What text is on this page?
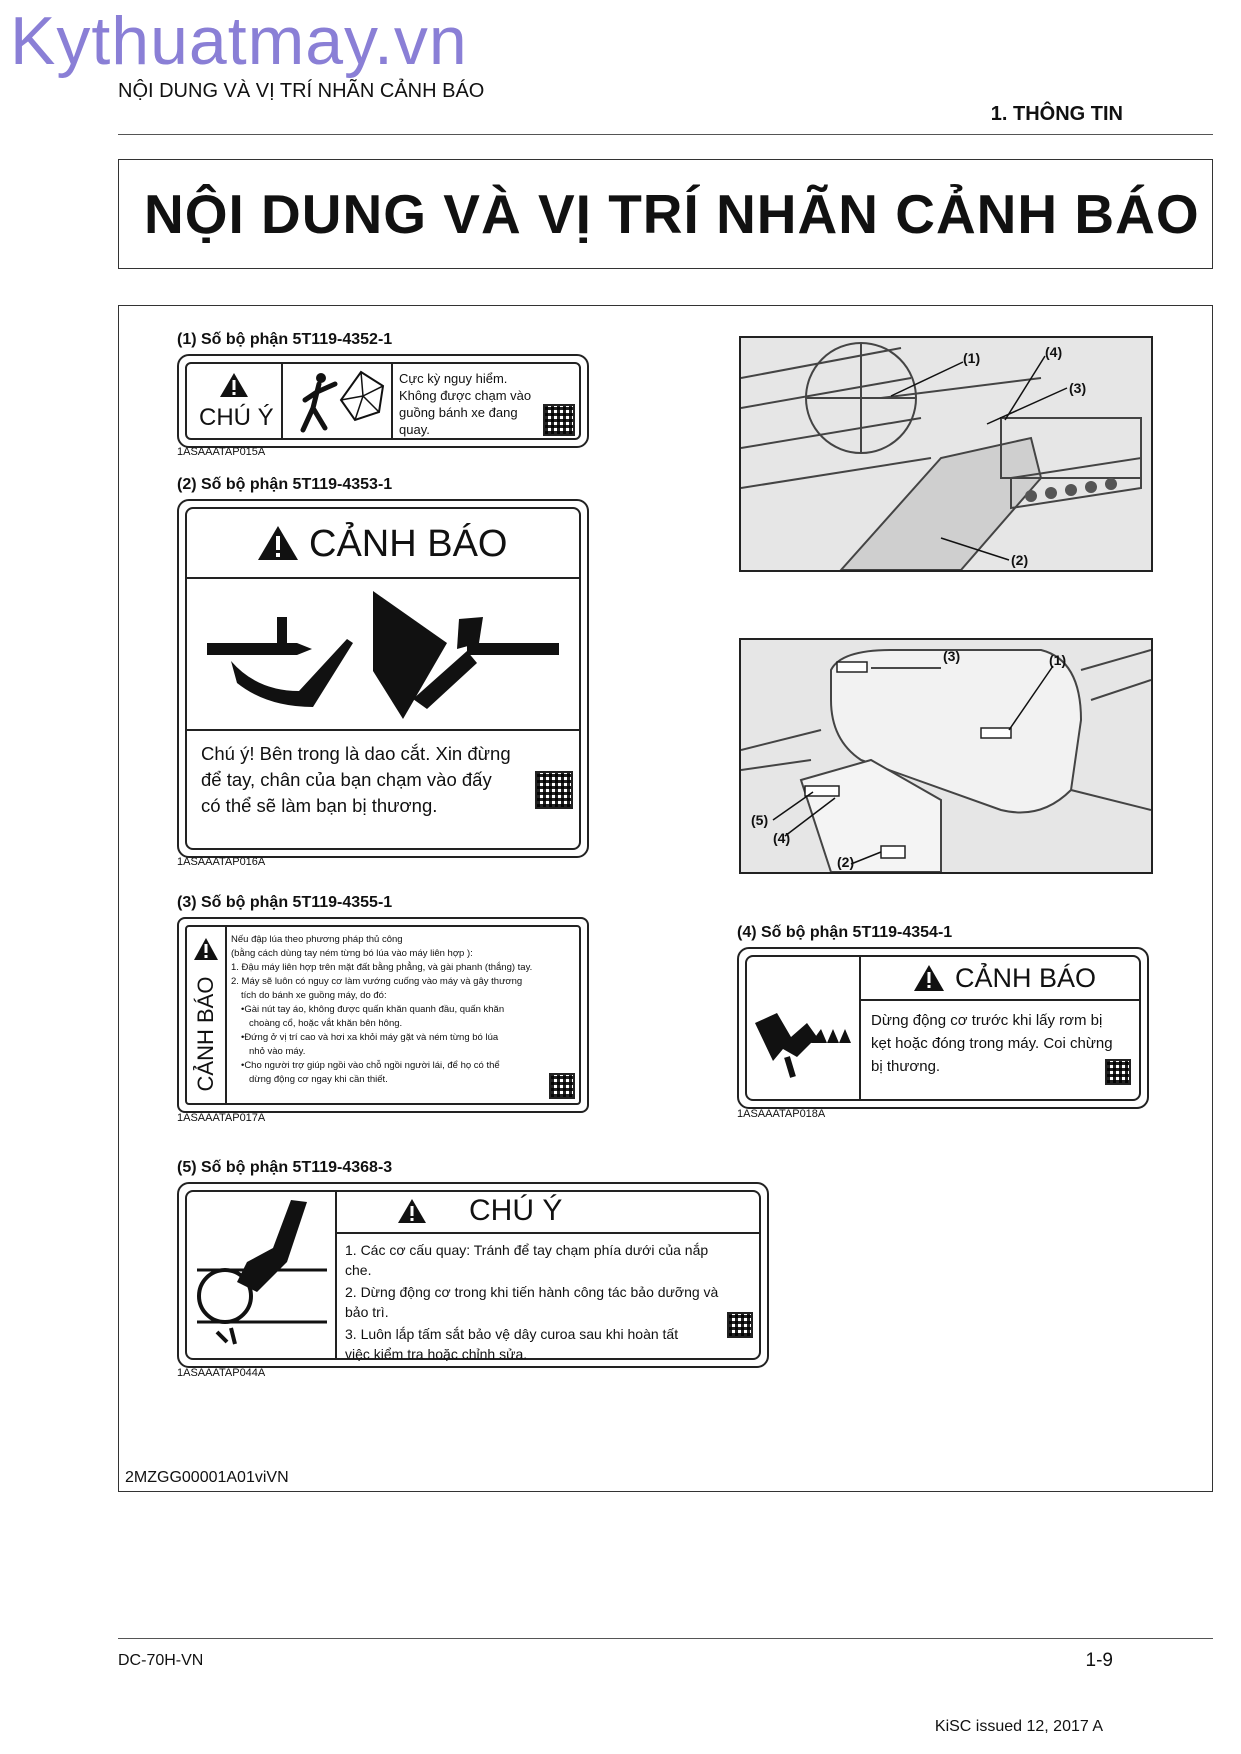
Kythuatmay.vn
NỘI DUNG VÀ VỊ TRÍ NHÃN CẢNH BÁO
1. THÔNG TIN
NỘI DUNG VÀ VỊ TRÍ NHÃN CẢNH BÁO
(1) Số bộ phận 5T119-4352-1
CHÚ Ý
Cực kỳ nguy hiểm. Không được chạm vào guồng bánh xe đang quay.
1ASAAATAP015A
(2) Số bộ phận 5T119-4353-1
CẢNH BÁO
Chú ý! Bên trong là dao cắt. Xin đừng để tay, chân của bạn chạm vào đấy có thể sẽ làm bạn bị thương.
1ASAAATAP016A
(3) Số bộ phận 5T119-4355-1
CẢNH BÁO
Nếu đập lúa theo phương pháp thủ công
(bằng cách dùng tay ném từng bó lúa vào máy liên hợp ):
1. Đậu máy liên hợp trên mặt đất bằng phẳng, và gài phanh (thắng) tay.
2. Máy sẽ luôn có nguy cơ làm vướng cuống vào máy và gây thương
tích do bánh xe guồng máy, do đó:
•Gài nút tay áo, không được quấn khăn quanh đầu, quấn khăn
choàng cổ, hoặc vắt khăn bên hông.
•Đứng ở vị trí cao và hơi xa khỏi máy gặt và ném từng bó lúa
nhỏ vào máy.
•Cho người trợ giúp ngồi vào chỗ ngồi người lái, để họ có thể
dừng động cơ ngay khi cần thiết.
1ASAAATAP017A
(5) Số bộ phận 5T119-4368-3
CHÚ Ý
1. Các cơ cấu quay: Tránh để tay chạm phía dưới của nắp che.
2. Dừng động cơ trong khi tiến hành công tác bảo dưỡng và bảo trì.
3. Luôn lắp tấm sắt bảo vệ dây curoa sau khi hoàn tất việc kiểm tra hoặc chỉnh sửa.
1ASAAATAP044A
(1)	(4)
(3)
(2)
(3)	(1)
(5)
(4)
(2)
(4) Số bộ phận 5T119-4354-1
CẢNH BÁO
Dừng động cơ trước khi lấy rơm bị kẹt hoặc đóng trong máy. Coi chừng bị thương.
1ASAAATAP018A
2MZGG00001A01viVN
DC-70H-VN	1-9
KiSC issued 12, 2017 A
